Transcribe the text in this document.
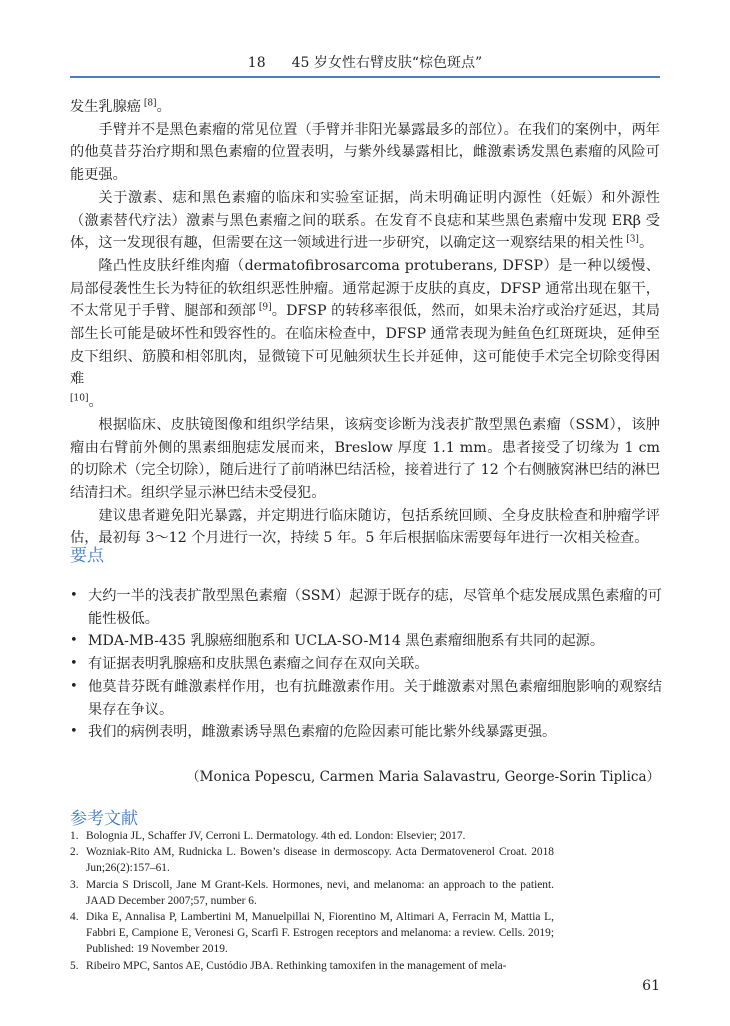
18 45 岁女性右臂皮肤“棕色斑点”

发生乳腺癌 [8]。

手臂并不是黑色素瘤的常见位置（手臂并非阳光暴露最多的部位）。在我们的案例中，两年的他莫昔芬治疗期和黑色素瘤的位置表明，与紫外线暴露相比，雌激素诱发黑色素瘤的风险可能更强。

关于激素、痣和黑色素瘤的临床和实验室证据，尚未明确证明内源性（妊娠）和外源性（激素替代疗法）激素与黑色素瘤之间的联系。在发育不良痣和某些黑色素瘤中发现 ERβ 受体，这一发现很有趣，但需要在这一领域进行进一步研究，以确定这一观察结果的相关性 [3]。

隆凸性皮肤纤维肉瘤（dermatofibrosarcoma protuberans, DFSP）是一种以缓慢、局部侵袭性生长为特征的软组织恶性肿瘤。通常起源于皮肤的真皮，DFSP 通常出现在躯干，不太常见于手臂、腿部和颈部 [9]。DFSP 的转移率很低，然而，如果未治疗或治疗延迟，其局部生长可能是破坏性和毁容性的。在临床检查中，DFSP 通常表现为鲑鱼色红斑斑块，延伸至皮下组织、筋膜和相邻肌肉，显微镜下可见触须状生长并延伸，这可能使手术完全切除变得困难

[10]。

根据临床、皮肤镜图像和组织学结果，该病变诊断为浅表扩散型黑色素瘤（SSM），该肿瘤由右臂前外侧的黑素细胞痣发展而来，Breslow 厚度 1.1 mm。患者接受了切缘为 1 cm 的切除术（完全切除），随后进行了前哨淋巴结活检，接着进行了 12 个右侧腋窝淋巴结的淋巴结清扫术。组织学显示淋巴结未受侵犯。

建议患者避免阳光暴露，并定期进行临床随访，包括系统回顾、全身皮肤检查和肿瘤学评估，最初每 3～12 个月进行一次，持续 5 年。5 年后根据临床需要每年进行一次相关检查。

要点
• 大约一半的浅表扩散型黑色素瘤（SSM）起源于既存的痣，尽管单个痣发展成黑色素瘤的可能性极低。
• MDA-MB-435 乳腺癌细胞系和 UCLA-SO-M14 黑色素瘤细胞系有共同的起源。
• 有证据表明乳腺癌和皮肤黑色素瘤之间存在双向关联。
• 他莫昔芬既有雌激素样作用，也有抗雌激素作用。关于雌激素对黑色素瘤细胞影响的观察结果存在争议。
• 我们的病例表明，雌激素诱导黑色素瘤的危险因素可能比紫外线暴露更强。
（Monica Popescu, Carmen Maria Salavastru, George-Sorin Tiplica）
参考文献
1. Bolognia JL, Schaffer JV, Cerroni L. Dermatology. 4th ed. London: Elsevier; 2017.
2. Wozniak-Rito AM, Rudnicka L. Bowen’s disease in dermoscopy. Acta Dermatovenerol Croat. 2018 Jun;26(2):157–61.
3. Marcia S Driscoll, Jane M Grant-Kels. Hormones, nevi, and melanoma: an approach to the patient. JAAD December 2007;57, number 6.
4. Dika E, Annalisa P, Lambertini M, Manuelpillai N, Fiorentino M, Altimari A, Ferracin M, Mattia L, Fabbri E, Campione E, Veronesi G, Scarfì F. Estrogen receptors and melanoma: a review. Cells. 2019; Published: 19 November 2019.
5. Ribeiro MPC, Santos AE, Custódio JBA. Rethinking tamoxifen in the management of mela-
61
